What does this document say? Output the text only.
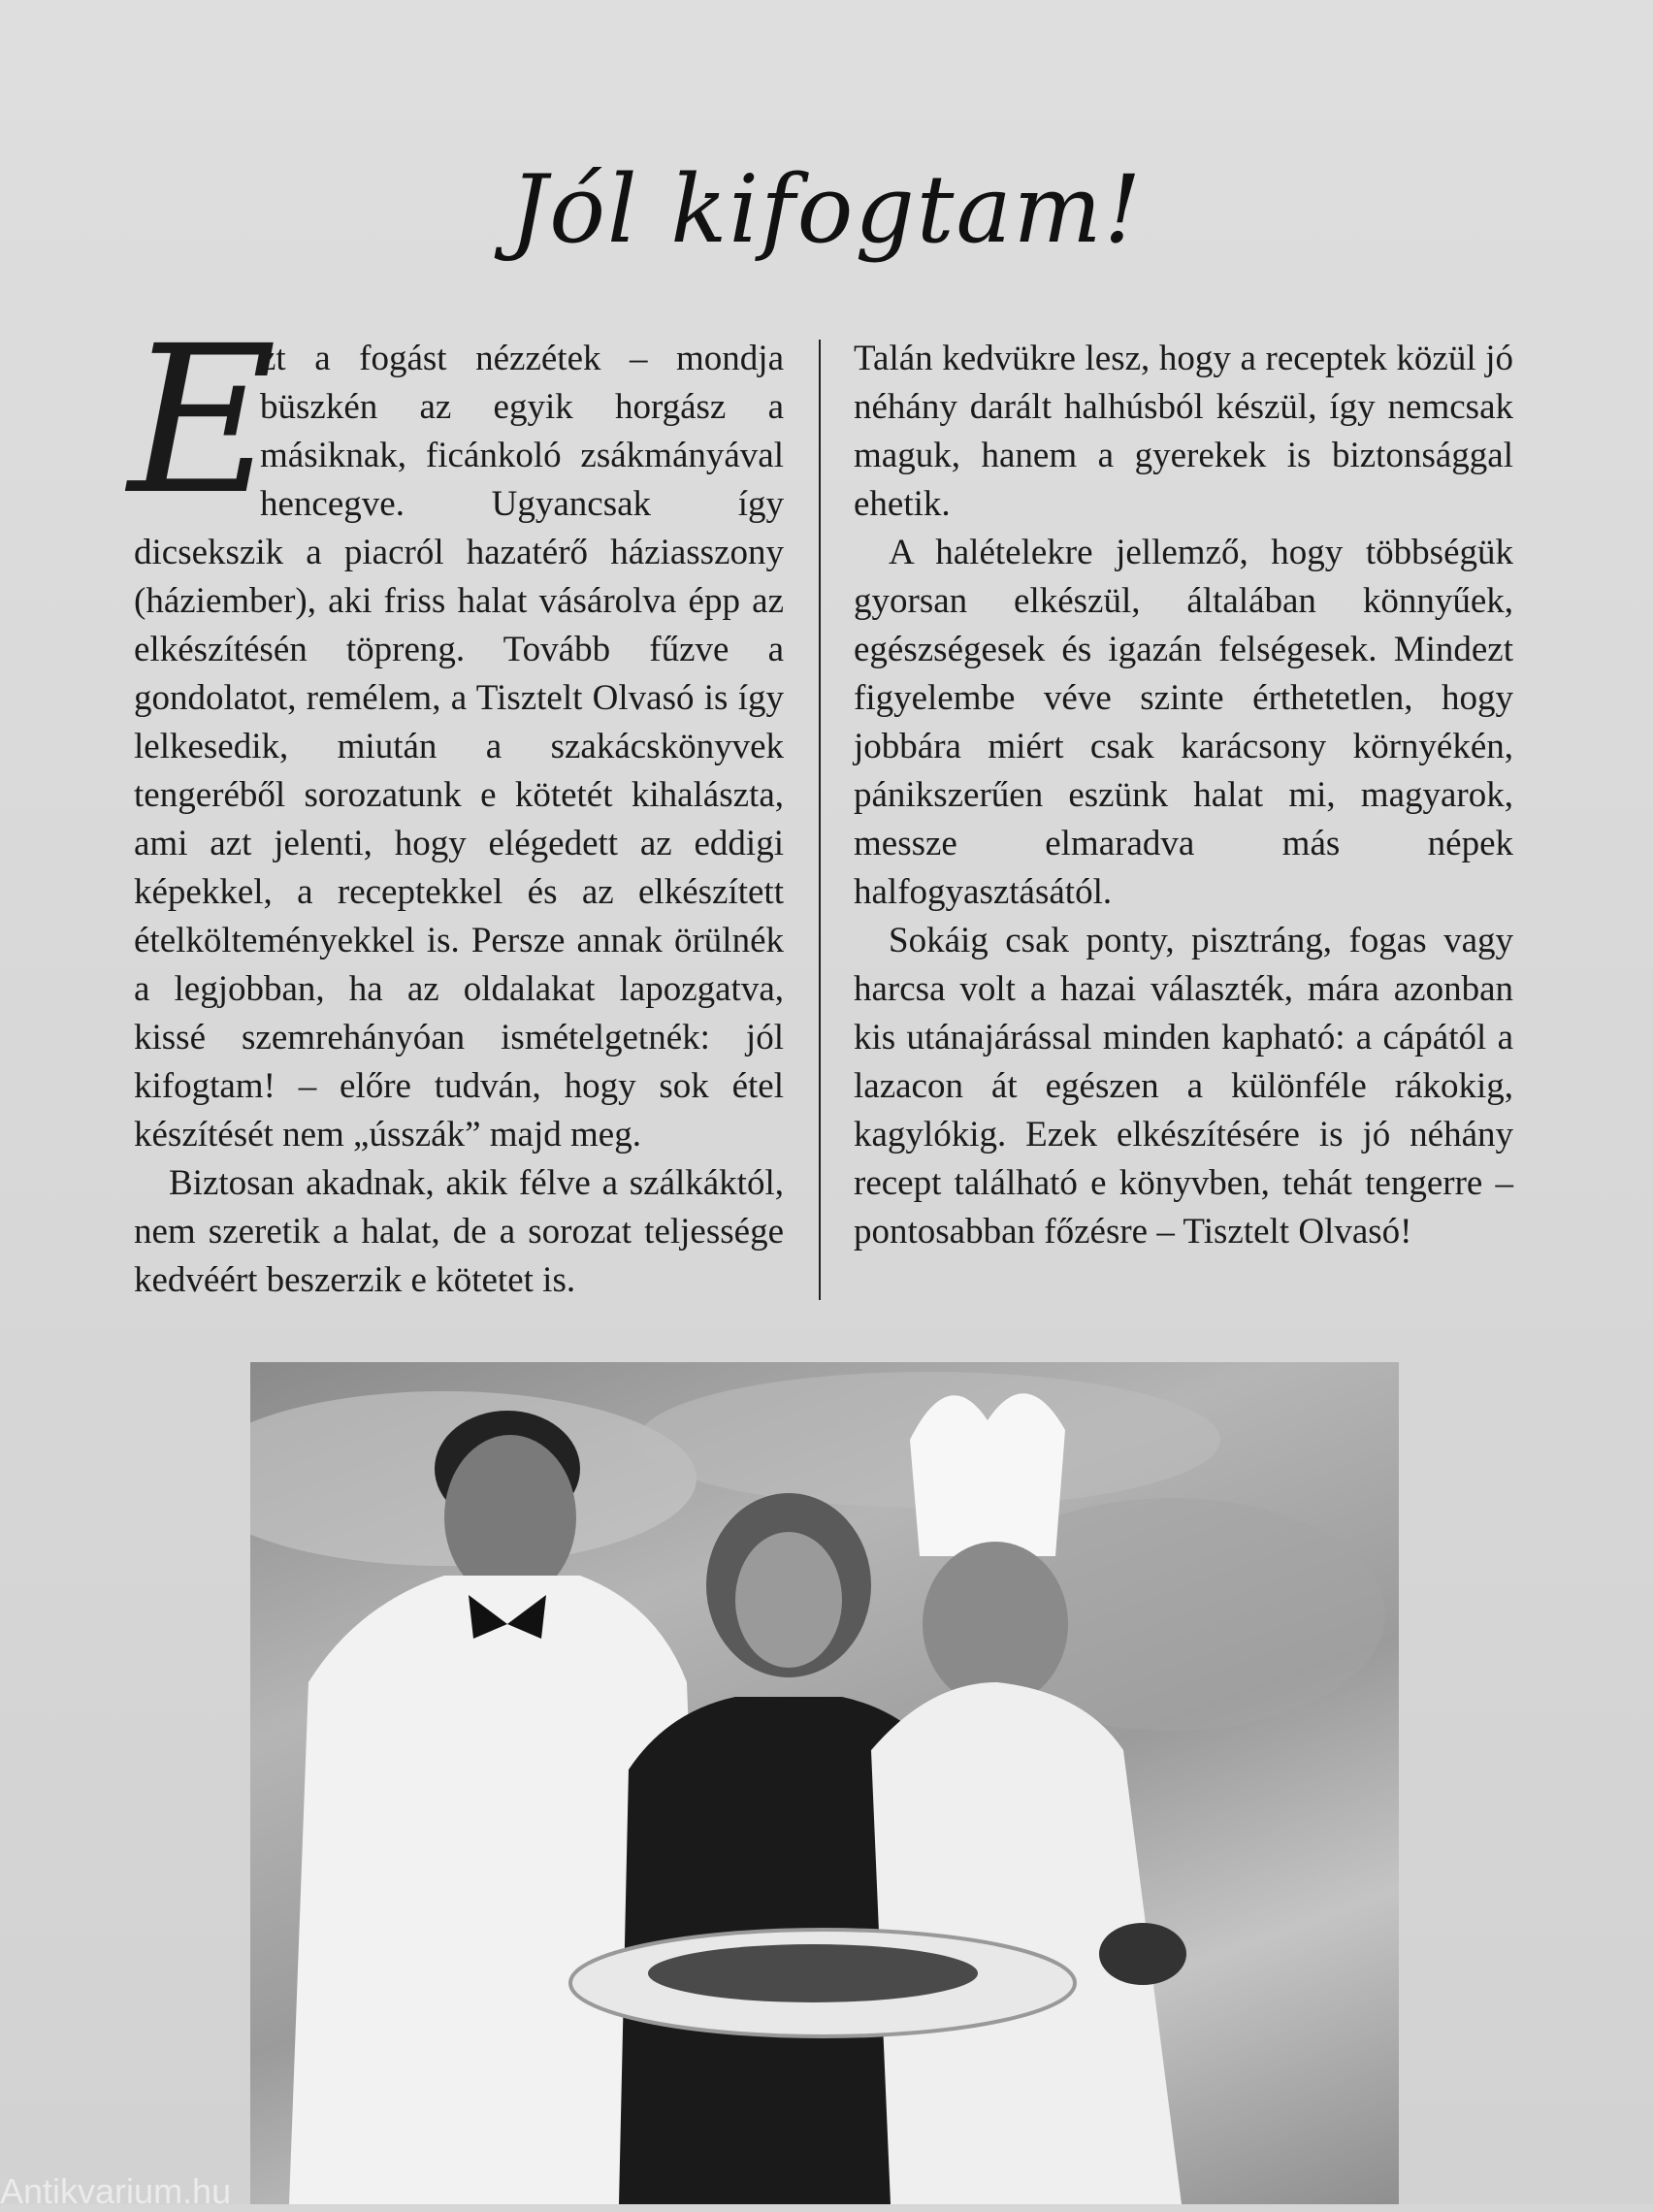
Jól kifogtam!

E
zt a fogást nézzétek – mondja büszkén az egyik horgász a másiknak, ficánkoló zsákmányával hencegve. Ugyancsak így dicsekszik a piacról hazatérő háziasszony (háziember), aki friss halat vásárolva épp az elkészítésén töpreng. Tovább fűzve a gondolatot, remélem, a Tisztelt Olvasó is így lelkesedik, miután a szakácskönyvek tengeréből sorozatunk e kötetét kihalászta, ami azt jelenti, hogy elégedett az eddigi képekkel, a receptekkel és az elkészített ételkölteményekkel is. Persze annak örülnék a legjobban, ha az oldalakat lapozgatva, kissé szemrehányóan ismételgetnék: jól kifogtam! – előre tudván, hogy sok étel készítését nem „ússzák” majd meg.

Biztosan akadnak, akik félve a szálkáktól, nem szeretik a halat, de a sorozat teljessége kedvéért beszerzik e kötetet is.

Talán kedvükre lesz, hogy a receptek közül jó néhány darált halhúsból készül, így nemcsak maguk, hanem a gyerekek is biztonsággal ehetik.

A halételekre jellemző, hogy többségük gyorsan elkészül, általában könnyűek, egészségesek és igazán felségesek. Mindezt figyelembe véve szinte érthetetlen, hogy jobbára miért csak karácsony környékén, pánikszerűen eszünk halat mi, magyarok, messze elmaradva más népek halfogyasztásától.

Sokáig csak ponty, pisztráng, fogas vagy harcsa volt a hazai választék, mára azonban kis utánajárással minden kapható: a cápától a lazacon át egészen a különféle rákokig, kagylókig. Ezek elkészítésére is jó néhány recept található e könyvben, tehát tengerre – pontosabban főzésre – Tisztelt Olvasó!

Antikvarium.hu
